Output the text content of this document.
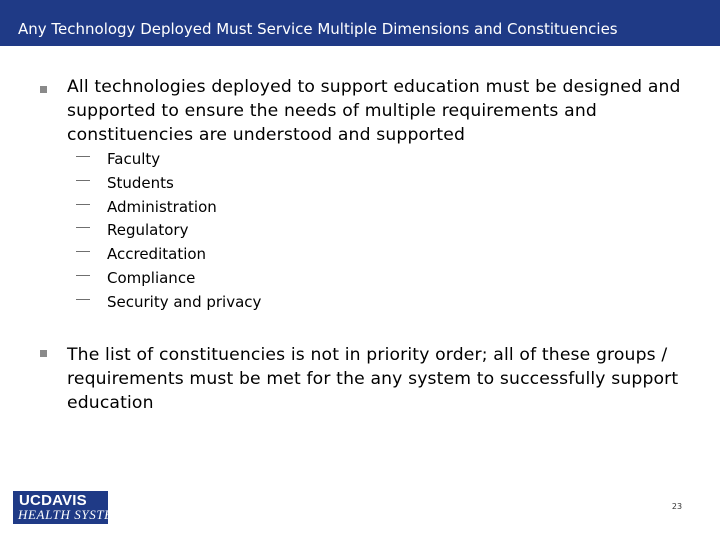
Any Technology Deployed Must Service Multiple Dimensions and Constituencies
All technologies deployed to support education must be designed and supported to ensure the needs of multiple requirements and constituencies are understood and supported
Faculty
Students
Administration
Regulatory
Accreditation
Compliance
Security and privacy
The list of constituencies is not in priority order; all of these groups / requirements must be met for the any system to successfully support education
UCDAVIS
HEALTH SYSTEM
23
